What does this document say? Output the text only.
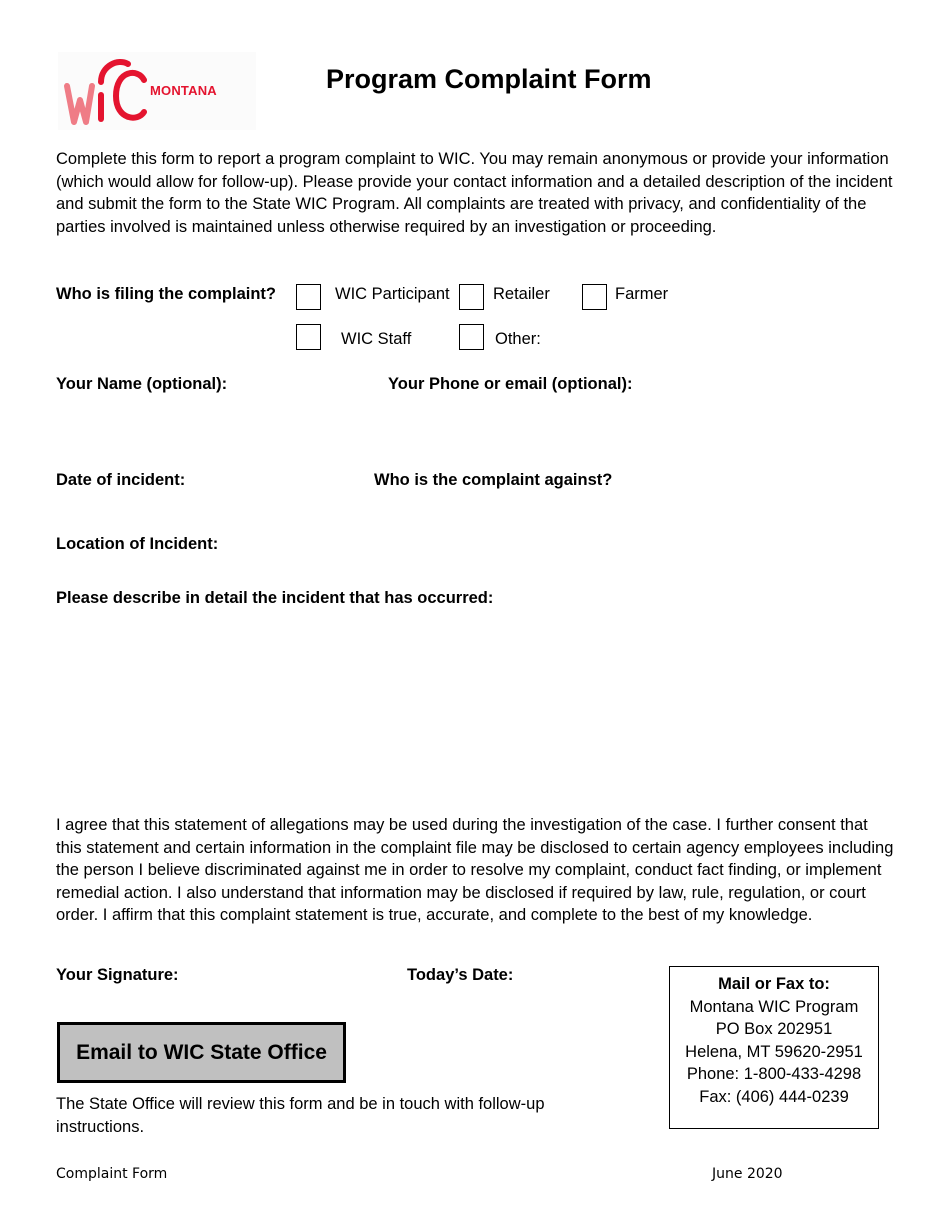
MONTANA	Program Complaint Form
Complete this form to report a program complaint to WIC. You may remain anonymous or provide your information (which would allow for follow-up). Please provide your contact information and a detailed description of the incident and submit the form to the State WIC Program. All complaints are treated with privacy, and confidentiality of the parties involved is maintained unless otherwise required by an investigation or proceeding.
Who is filing the complaint?	WIC Participant	Retailer	Farmer
WIC Staff	Other:
Your Name (optional):	Your Phone or email (optional):
Date of incident:	Who is the complaint against?
Location of Incident:
Please describe in detail the incident that has occurred:
I agree that this statement of allegations may be used during the investigation of the case. I further consent that this statement and certain information in the complaint file may be disclosed to certain agency employees including the person I believe discriminated against me in order to resolve my complaint, conduct fact finding, or implement remedial action. I also understand that information may be disclosed if required by law, rule, regulation, or court order. I affirm that this complaint statement is true, accurate, and complete to the best of my knowledge.
Your Signature:	Today’s Date:	Mail or Fax to:
Montana WIC Program
PO Box 202951
Helena, MT 59620-2951
Phone: 1-800-433-4298
Fax: (406) 444-0239
Email to WIC State Office
The State Office will review this form and be in touch with follow-up instructions.
Complaint Form	June 2020
